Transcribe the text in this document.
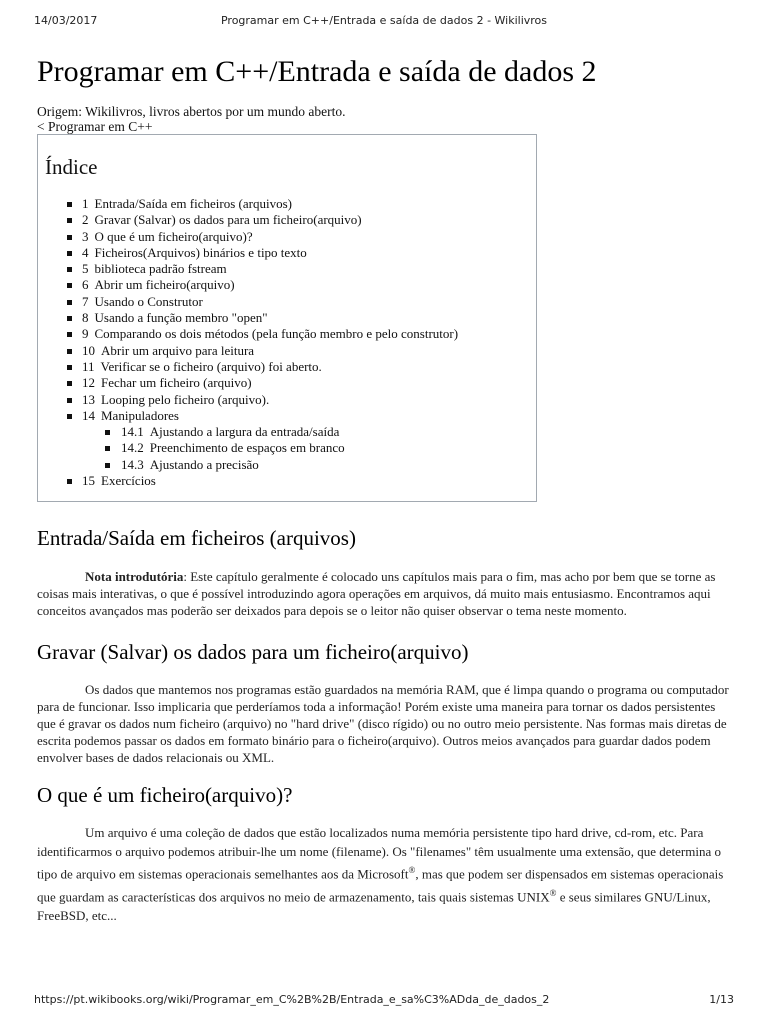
14/03/2017	Programar em C++/Entrada e saída de dados 2 - Wikilivros
Programar em C++/Entrada e saída de dados 2
Origem: Wikilivros, livros abertos por um mundo aberto.
< Programar em C++
Índice
1 Entrada/Saída em ficheiros (arquivos)
2 Gravar (Salvar) os dados para um ficheiro(arquivo)
3 O que é um ficheiro(arquivo)?
4 Ficheiros(Arquivos) binários e tipo texto
5 biblioteca padrão fstream
6 Abrir um ficheiro(arquivo)
7 Usando o Construtor
8 Usando a função membro "open"
9 Comparando os dois métodos (pela função membro e pelo construtor)
10 Abrir um arquivo para leitura
11 Verificar se o ficheiro (arquivo) foi aberto.
12 Fechar um ficheiro (arquivo)
13 Looping pelo ficheiro (arquivo).
14 Manipuladores
14.1 Ajustando a largura da entrada/saída
14.2 Preenchimento de espaços em branco
14.3 Ajustando a precisão
15 Exercícios
Entrada/Saída em ficheiros (arquivos)

Nota introdutória: Este capítulo geralmente é colocado uns capítulos mais para o fim, mas acho por bem que se torne as coisas mais interativas, o que é possível introduzindo agora operações em arquivos, dá muito mais entusiasmo. Encontramos aqui conceitos avançados mas poderão ser deixados para depois se o leitor não quiser observar o tema neste momento.

Gravar (Salvar) os dados para um ficheiro(arquivo)

Os dados que mantemos nos programas estão guardados na memória RAM, que é limpa quando o programa ou computador para de funcionar. Isso implicaria que perderíamos toda a informação! Porém existe uma maneira para tornar os dados persistentes que é gravar os dados num ficheiro (arquivo) no "hard drive" (disco rígido) ou no outro meio persistente. Nas formas mais diretas de escrita podemos passar os dados em formato binário para o ficheiro(arquivo). Outros meios avançados para guardar dados podem envolver bases de dados relacionais ou XML.

O que é um ficheiro(arquivo)?

Um arquivo é uma coleção de dados que estão localizados numa memória persistente tipo hard drive, cd-rom, etc. Para identificarmos o arquivo podemos atribuir-lhe um nome (filename). Os "filenames" têm usualmente uma extensão, que determina o tipo de arquivo em sistemas operacionais semelhantes aos da Microsoft®, mas que podem ser dispensados em sistemas operacionais que guardam as características dos arquivos no meio de armazenamento, tais quais sistemas UNIX® e seus similares GNU/Linux, FreeBSD, etc...

https://pt.wikibooks.org/wiki/Programar_em_C%2B%2B/Entrada_e_sa%C3%ADda_de_dados_2	1/13
